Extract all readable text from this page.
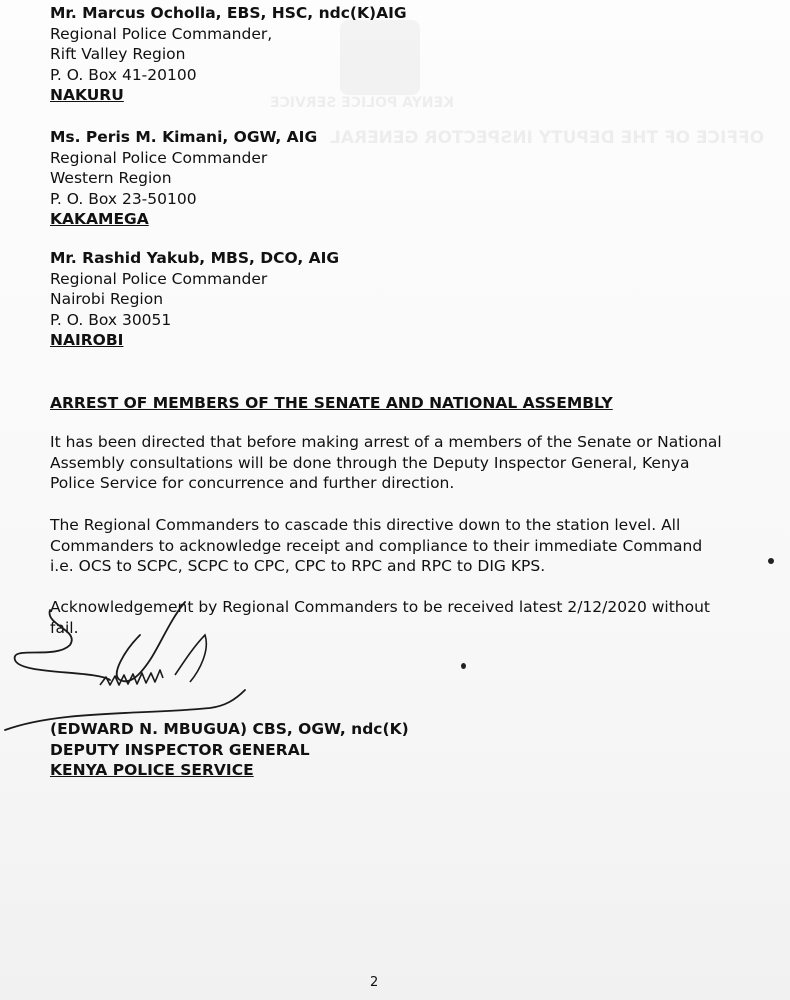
KENYA POLICE SERVICE
OFFICE OF THE DEPUTY INSPECTOR GENERAL
Mr. Marcus Ocholla, EBS, HSC, ndc(K)AIG
Regional Police Commander,
Rift Valley Region
P. O. Box 41-20100
NAKURU
Ms. Peris M. Kimani, OGW, AIG
Regional Police Commander
Western Region
P. O. Box 23-50100
KAKAMEGA
Mr. Rashid Yakub, MBS, DCO, AIG
Regional Police Commander
Nairobi Region
P. O. Box 30051
NAIROBI
ARREST OF MEMBERS OF THE SENATE AND NATIONAL ASSEMBLY
It has been directed that before making arrest of a members of the Senate or National Assembly consultations will be done through the Deputy Inspector General, Kenya Police Service for concurrence and further direction.
The Regional Commanders to cascade this directive down to the station level. All Commanders to acknowledge receipt and compliance to their immediate Command i.e. OCS to SCPC, SCPC to CPC, CPC to RPC and RPC to DIG KPS.
Acknowledgement by Regional Commanders to be received latest 2/12/2020 without fail.
(EDWARD N. MBUGUA) CBS, OGW, ndc(K)
DEPUTY INSPECTOR GENERAL
KENYA POLICE SERVICE
2
